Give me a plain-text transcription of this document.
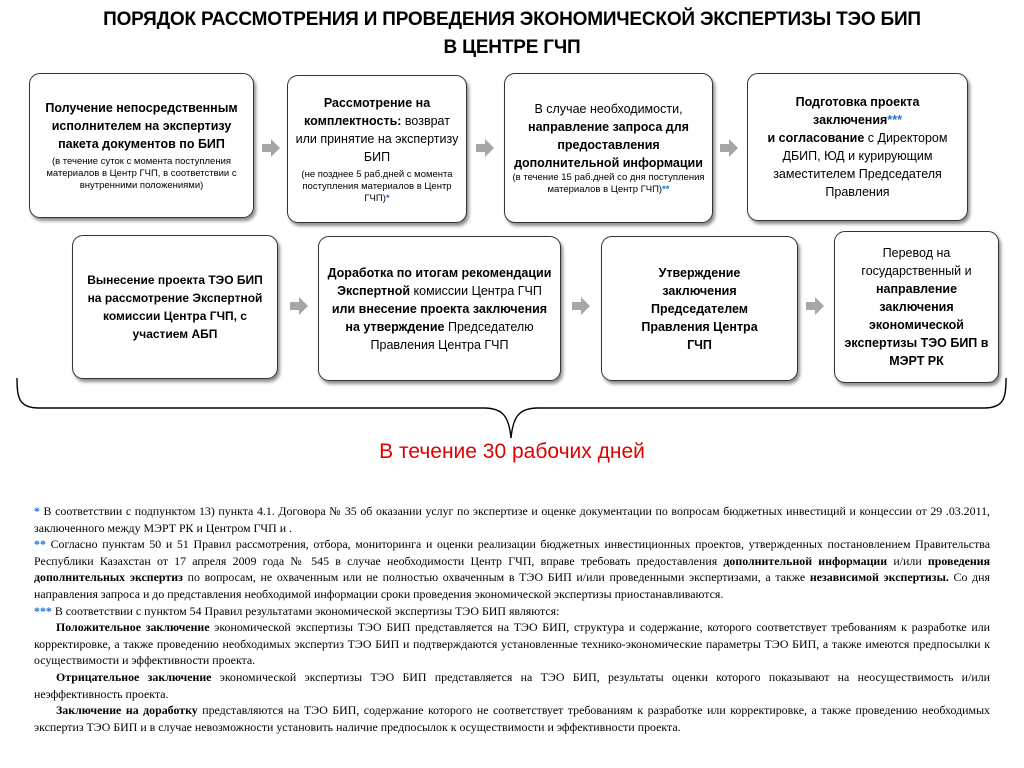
ПОРЯДОК РАССМОТРЕНИЯ И ПРОВЕДЕНИЯ ЭКОНОМИЧЕСКОЙ ЭКСПЕРТИЗЫ ТЭО БИП
В ЦЕНТРЕ ГЧП
Получение непосредственным исполнителем на экспертизу пакета документов по БИП
(в течение суток с момента поступления материалов в Центр ГЧП, в соответствии с внутренними положениями)
Рассмотрение на комплектность: возврат или принятие на экспертизу БИП
(не позднее 5 раб.дней с момента поступления материалов в Центр ГЧП)*
В случае необходимости,
направление запроса для предоставления дополнительной информации
(в течение 15 раб.дней со дня поступления материалов в Центр ГЧП)**
Подготовка проекта заключения***
и согласование с Директором ДБИП, ЮД и курирующим заместителем Председателя Правления
Вынесение проекта ТЭО БИП на рассмотрение Экспертной комиссии Центра ГЧП, с участием АБП
Доработка по итогам рекомендации Экспертной комиссии Центра ГЧП или внесение проекта заключения на утверждение Председателю Правления Центра ГЧП
Утверждение заключения Председателем Правления Центра ГЧП
Перевод на государственный и направление заключения экономической экспертизы ТЭО БИП в МЭРТ РК
В течение 30 рабочих дней

* В соответствии с подпунктом 13) пункта 4.1. Договора № 35 об оказании услуг по экспертизе и оценке документации по вопросам бюджетных инвестиций и концессии от 29 .03.2011, заключенного между МЭРТ РК и Центром ГЧП и .

** Согласно пунктам 50 и 51 Правил рассмотрения, отбора, мониторинга и оценки реализации бюджетных инвестиционных проектов, утвержденных постановлением Правительства Республики Казахстан от 17 апреля 2009 года № 545 в случае необходимости Центр ГЧП, вправе требовать предоставления дополнительной информации и/или проведения дополнительных экспертиз по вопросам, не охваченным или не полностью охваченным в ТЭО БИП и/или проведенными экспертизами, а также независимой экспертизы. Со дня направления запроса и до представления необходимой информации сроки проведения экономической экспертизы приостанавливаются.

*** В соответствии с пунктом 54 Правил результатами экономической экспертизы ТЭО БИП являются:

Положительное заключение экономической экспертизы ТЭО БИП представляется на ТЭО БИП, структура и содержание, которого соответствует требованиям к разработке или корректировке, а также проведению необходимых экспертиз ТЭО БИП и подтверждаются установленные технико-экономические параметры ТЭО БИП, а также имеются предпосылки к осуществимости и эффективности проекта.

Отрицательное заключение экономической экспертизы ТЭО БИП представляется на ТЭО БИП, результаты оценки которого показывают на неосуществимость и/или неэффективность проекта.

Заключение на доработку представляются на ТЭО БИП, содержание которого не соответствует требованиям к разработке или корректировке, а также проведению необходимых экспертиз ТЭО БИП и в случае невозможности установить наличие предпосылок к осуществимости и эффективности проекта.
